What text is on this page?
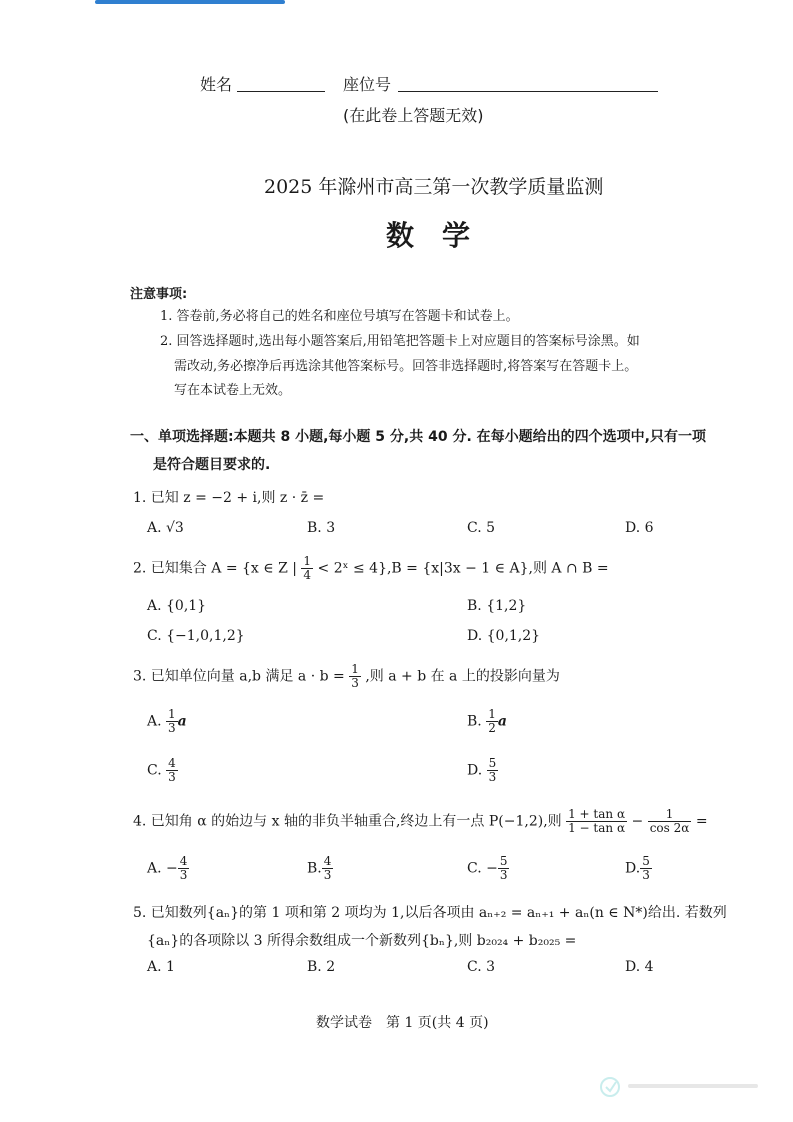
姓名	座位号
(在此卷上答题无效)
2025 年滁州市高三第一次教学质量监测
数学
注意事项:
1. 答卷前,务必将自己的姓名和座位号填写在答题卡和试卷上。
2. 回答选择题时,选出每小题答案后,用铅笔把答题卡上对应题目的答案标号涂黑。如
需改动,务必擦净后再选涂其他答案标号。回答非选择题时,将答案写在答题卡上。
写在本试卷上无效。
一、单项选择题:本题共 8 小题,每小题 5 分,共 40 分. 在每小题给出的四个选项中,只有一项
是符合题目要求的.
1. 已知 z = −2 + i,则 z · z̄ =
A. √3	B. 3	C. 5	D. 6
2. 已知集合 A = {x ∈ Z | $\frac{1}{4}$ < 2ˣ ≤ 4},B = {x|3x − 1 ∈ A},则 A ∩ B =
A. {0,1}	B. {1,2}
C. {−1,0,1,2}	D. {0,1,2}
3. 已知单位向量 a,b 满足 $a \cdot b = \frac{1}{3}$ ,则 a + b 在 a 上的投影向量为
A. $\frac{1}{3}$ a	B. $\frac{1}{2}$ a
C. $\frac{4}{3}$	D. $\frac{5}{3}$
4. 已知角 α 的始边与 x 轴的非负半轴重合,终边上有一点 P(−1,2),则 $\frac{\text{1 + tan α}}{\text{1 − tan α}} - \frac{1}{\cos 2\alpha}$ =
A. − $\frac{4}{3}$	B. $\frac{4}{3}$	C. − $\frac{5}{3}$	D. $\frac{5}{3}$
5. 已知数列{aₙ}的第 1 项和第 2 项均为 1,以后各项由 aₙ₊₂ = aₙ₊₁ + aₙ(n ∈ N*)给出. 若数列
{aₙ}的各项除以 3 所得余数组成一个新数列{bₙ},则 b₂₀₂₄ + b₂₀₂₅ =
A. 1	B. 2	C. 3	D. 4
数学试卷　第 1 页(共 4 页)
